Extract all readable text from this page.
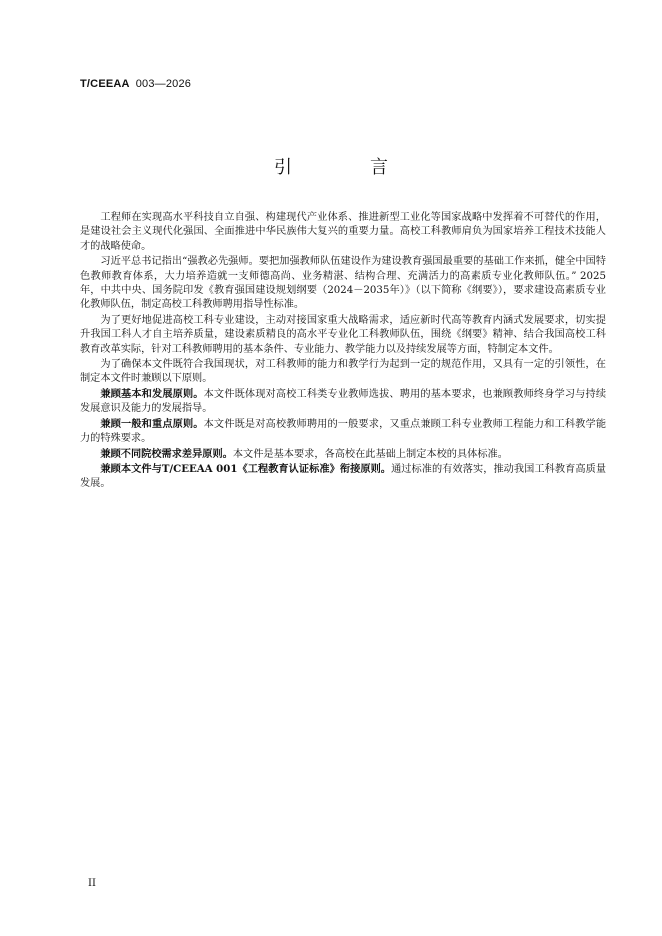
T/CEEAA 003—2026
引　言

工程师在实现高水平科技自立自强、构建现代产业体系、推进新型工业化等国家战略中发挥着不可替代的作用，是建设社会主义现代化强国、全面推进中华民族伟大复兴的重要力量。高校工科教师肩负为国家培养工程技术技能人才的战略使命。

习近平总书记指出“强教必先强师。要把加强教师队伍建设作为建设教育强国最重要的基础工作来抓，健全中国特色教师教育体系，大力培养造就一支师德高尚、业务精湛、结构合理、充满活力的高素质专业化教师队伍。” 2025年，中共中央、国务院印发《教育强国建设规划纲要（2024－2035年）》（以下简称《纲要》），要求建设高素质专业化教师队伍，制定高校工科教师聘用指导性标准。

为了更好地促进高校工科专业建设，主动对接国家重大战略需求，适应新时代高等教育内涵式发展要求，切实提升我国工科人才自主培养质量，建设素质精良的高水平专业化工科教师队伍，围绕《纲要》精神、结合我国高校工科教育改革实际，针对工科教师聘用的基本条件、专业能力、教学能力以及持续发展等方面，特制定本文件。

为了确保本文件既符合我国现状，对工科教师的能力和教学行为起到一定的规范作用，又具有一定的引领性，在制定本文件时兼顾以下原则。

兼顾基本和发展原则。本文件既体现对高校工科类专业教师选拔、聘用的基本要求，也兼顾教师终身学习与持续发展意识及能力的发展指导。

兼顾一般和重点原则。本文件既是对高校教师聘用的一般要求，又重点兼顾工科专业教师工程能力和工科教学能力的特殊要求。

兼顾不同院校需求差异原则。本文件是基本要求，各高校在此基础上制定本校的具体标准。

兼顾本文件与T/CEEAA 001《工程教育认证标准》衔接原则。通过标准的有效落实，推动我国工科教育高质量发展。

II
